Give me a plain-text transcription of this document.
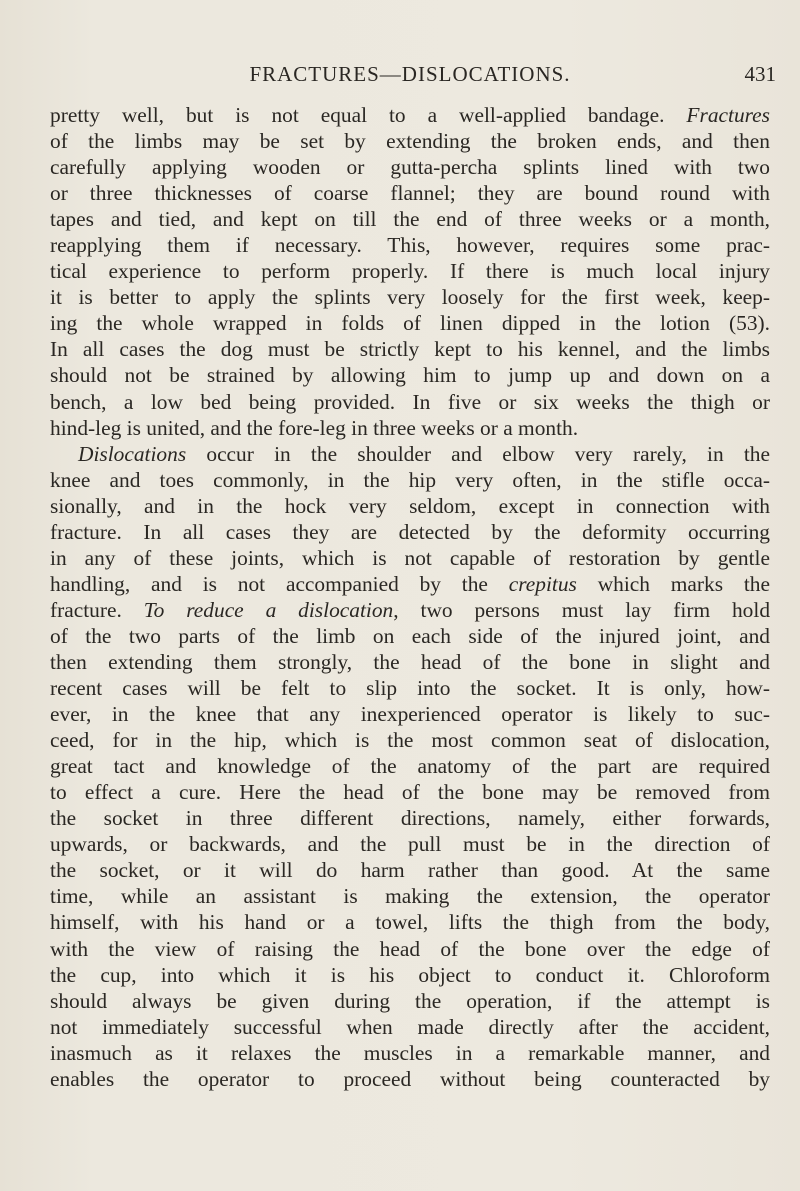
FRACTURES—DISLOCATIONS.	431
pretty well, but is not equal to a well-applied bandage. Fractures
of the limbs may be set by extending the broken ends, and then
carefully applying wooden or gutta-percha splints lined with two
or three thicknesses of coarse flannel; they are bound round with
tapes and tied, and kept on till the end of three weeks or a month,
reapplying them if necessary. This, however, requires some prac-
tical experience to perform properly. If there is much local injury
it is better to apply the splints very loosely for the first week, keep-
ing the whole wrapped in folds of linen dipped in the lotion (53).
In all cases the dog must be strictly kept to his kennel, and the limbs
should not be strained by allowing him to jump up and down on a
bench, a low bed being provided. In five or six weeks the thigh or
hind-leg is united, and the fore-leg in three weeks or a month.
Dislocations occur in the shoulder and elbow very rarely, in the
knee and toes commonly, in the hip very often, in the stifle occa-
sionally, and in the hock very seldom, except in connection with
fracture. In all cases they are detected by the deformity occurring
in any of these joints, which is not capable of restoration by gentle
handling, and is not accompanied by the crepitus which marks the
fracture. To reduce a dislocation, two persons must lay firm hold
of the two parts of the limb on each side of the injured joint, and
then extending them strongly, the head of the bone in slight and
recent cases will be felt to slip into the socket. It is only, how-
ever, in the knee that any inexperienced operator is likely to suc-
ceed, for in the hip, which is the most common seat of dislocation,
great tact and knowledge of the anatomy of the part are required
to effect a cure. Here the head of the bone may be removed from
the socket in three different directions, namely, either forwards,
upwards, or backwards, and the pull must be in the direction of
the socket, or it will do harm rather than good. At the same
time, while an assistant is making the extension, the operator
himself, with his hand or a towel, lifts the thigh from the body,
with the view of raising the head of the bone over the edge of
the cup, into which it is his object to conduct it. Chloroform
should always be given during the operation, if the attempt is
not immediately successful when made directly after the accident,
inasmuch as it relaxes the muscles in a remarkable manner, and
enables the operator to proceed without being counteracted by
